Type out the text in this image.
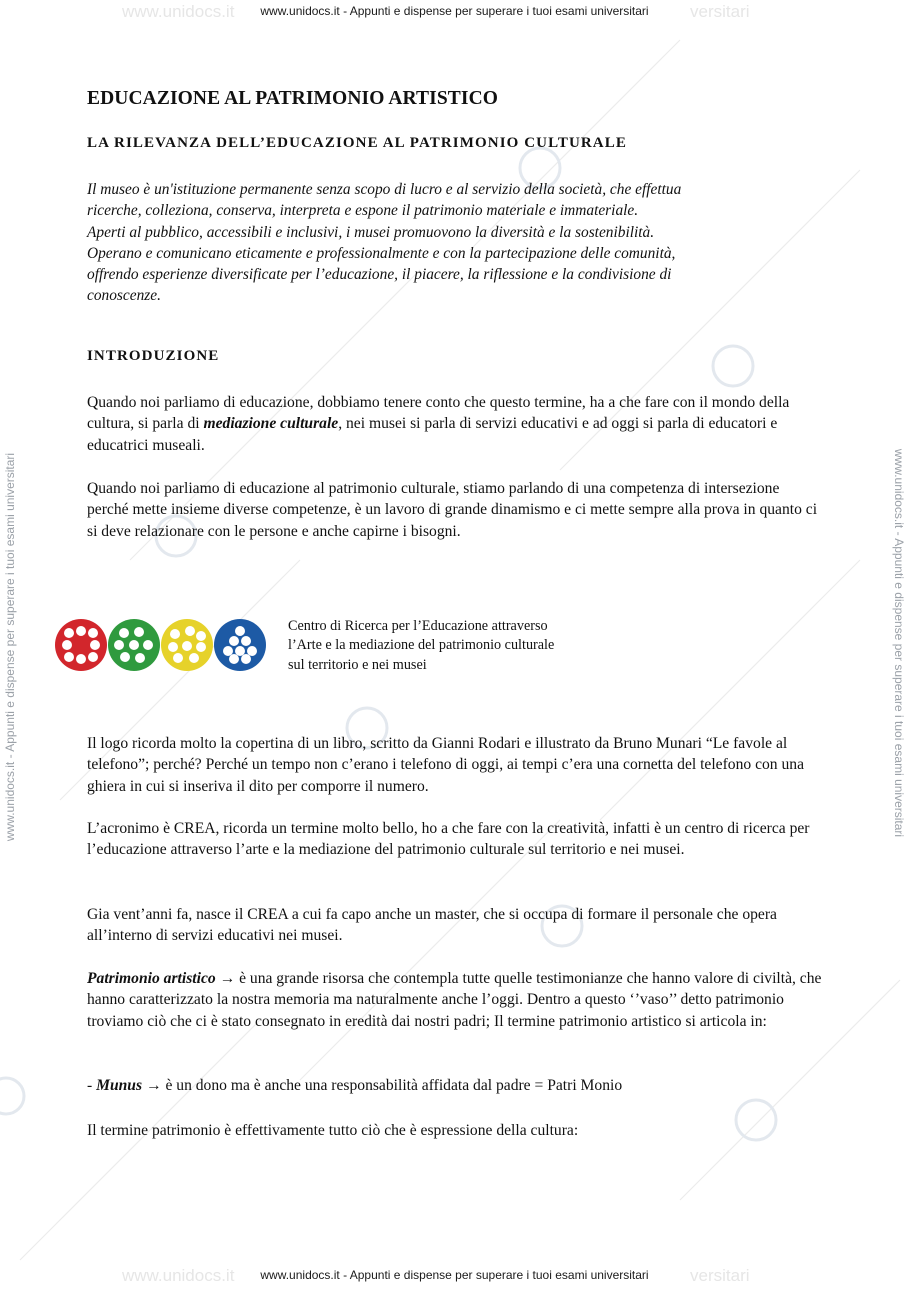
www.unidocs.it	versitari
www.unidocs.it	versitari
www.unidocs.it - Appunti e dispense per superare i tuoi esami universitari
www.unidocs.it - Appunti e dispense per superare i tuoi esami universitari
www.unidocs.it - Appunti e dispense per superare i tuoi esami universitari	www.unidocs.it - Appunti e dispense per superare i tuoi esami universitari
EDUCAZIONE AL PATRIMONIO ARTISTICO
LA RILEVANZA DELL’EDUCAZIONE AL PATRIMONIO CULTURALE

Il museo è un'istituzione permanente senza scopo di lucro e al servizio della società, che effettua

ricerche, colleziona, conserva, interpreta e espone il patrimonio materiale e immateriale.

Aperti al pubblico, accessibili e inclusivi, i musei promuovono la diversità e la sostenibilità.

Operano e comunicano eticamente e professionalmente e con la partecipazione delle comunità,

offrendo esperienze diversificate per l’educazione, il piacere, la riflessione e la condivisione di

conoscenze.

INTRODUZIONE

Quando noi parliamo di educazione, dobbiamo tenere conto che questo termine, ha a che fare con il mondo della cultura, si parla di mediazione culturale, nei musei si parla di servizi educativi e ad oggi si parla di educatori e educatrici museali.

Quando noi parliamo di educazione al patrimonio culturale, stiamo parlando di una competenza di intersezione perché mette insieme diverse competenze, è un lavoro di grande dinamismo e ci mette sempre alla prova in quanto ci si deve relazionare con le persone e anche capirne i bisogni.

Centro di Ricerca per l’Educazione attraverso
l’Arte e la mediazione del patrimonio culturale
sul territorio e nei musei

Il logo ricorda molto la copertina di un libro, scritto da Gianni Rodari e illustrato da Bruno Munari “Le favole al telefono”; perché? Perché un tempo non c’erano i telefono di oggi, ai tempi c’era una cornetta del telefono con una ghiera in cui si inseriva il dito per comporre il numero.

L’acronimo è CREA, ricorda un termine molto bello, ho a che fare con la creatività, infatti è un centro di ricerca per l’educazione attraverso l’arte e la mediazione del patrimonio culturale sul territorio e nei musei.

Gia vent’anni fa, nasce il CREA a cui fa capo anche un master, che si occupa di formare il personale che opera all’interno di servizi educativi nei musei.

Patrimonio artistico → è una grande risorsa che contempla tutte quelle testimonianze che hanno valore di civiltà, che hanno caratterizzato la nostra memoria ma naturalmente anche l’oggi. Dentro a questo ‘’vaso’’ detto patrimonio troviamo ciò che ci è stato consegnato in eredità dai nostri padri; Il termine patrimonio artistico si articola in:

- Munus → è un dono ma è anche una responsabilità affidata dal padre = Patri Monio

Il termine patrimonio è effettivamente tutto ciò che è espressione della cultura:
